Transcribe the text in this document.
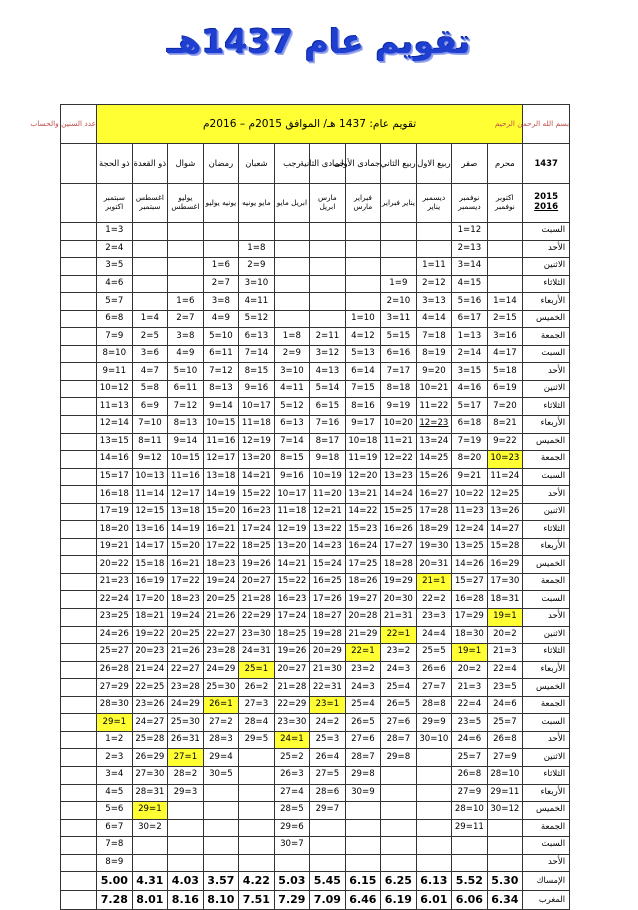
تقويم عام 1437هـ
بسم الله الرحمن الرحيم	تقويم عام: 1437 هـ/ الموافق 2015م – 2016م												عدد السنين والحساب
1437	محرم	صفر	ربيع الاول	ربيع الثاني	جمادى الأولى	جمادى الثانية	رجب	شعبان	رمضان	شوال	ذو القعدة	ذو الحجة	

2015
2016	اكتوبر نوفمبر	نوفمبر ديسمبر	ديسمبر يناير	يناير فبراير	فبراير مارس	مارس ابريل	ابريل مايو	مايو يونيه	يونيه يوليو	يوليو اغسطس	اغسطس سبتمبر	سبتمبر اكتوبر	
السبت		12=1										3=1	
الأحد		13=2						8=1				4=2	
الاثنين		14=3	11=1					9=2	6=1			5=3	
الثلاثاء		15=4	12=2	9=1				10=3	7=2			6=4	
الأربعاء	14=1	16=5	13=3	10=2				11=4	8=3	6=1		7=5	
الخميس	15=2	17=6	14=4	11=3	10=1			12=5	9=4	7=2	4=1	8=6	
الجمعة	16=3	13=1	18=7	15=5	12=4	11=2	8=1	13=6	10=5	8=3	5=2	9=7	
السبت	17=4	14=2	19=8	16=6	13=5	12=3	9=2	14=7	11=6	9=4	6=3	10=8	
الأحد	18=5	15=3	20=9	17=7	14=6	13=4	10=3	15=8	12=7	10=5	7=4	11=9	
الاثنين	19=6	16=4	21=10	18=8	15=7	14=5	11=4	16=9	13=8	11=6	8=5	12=10	
الثلاثاء	20=7	17=5	22=11	19=9	16=8	15=6	12=5	17=10	14=9	12=7	9=6	13=11	
الأربعاء	21=8	18=6	23=12	20=10	17=9	16=7	13=6	18=11	15=10	13=8	10=7	14=12	
الخميس	22=9	19=7	24=13	21=11	18=10	17=8	14=7	19=12	16=11	14=9	11=8	15=13	
الجمعة	23=10	20=8	25=14	22=12	19=11	18=9	15=8	20=13	17=12	15=10	12=9	16=14	
السبت	24=11	21=9	26=15	23=13	20=12	19=10	16=9	21=14	18=13	16=11	13=10	17=15	
الأحد	25=12	22=10	27=16	24=14	21=13	20=11	17=10	22=15	19=14	17=12	14=11	18=16	
الاثنين	26=13	23=11	28=17	25=15	22=14	21=12	18=11	23=16	20=15	18=13	15=12	19=17	
الثلاثاء	27=14	24=12	29=18	26=16	23=15	22=13	19=12	24=17	21=16	19=14	16=13	20=18	
الأربعاء	28=15	25=13	30=19	27=17	24=16	23=14	20=13	25=18	22=17	20=15	17=14	21=19	
الخميس	29=16	26=14	31=20	28=18	25=17	24=15	21=14	26=19	23=18	21=16	18=15	22=20	
الجمعة	30=17	27=15	1=21	29=19	26=18	25=16	22=15	27=20	24=19	22=17	19=16	23=21	
السبت	31=18	28=16	2=22	30=20	27=19	26=17	23=16	28=21	25=20	23=18	20=17	24=22	
الأحد	1=19	29=17	3=23	31=21	28=20	27=18	24=17	29=22	26=21	24=19	21=18	25=23	
الاثنين	2=20	30=18	4=24	1=22	29=21	28=19	25=18	30=23	27=22	25=20	22=19	26=24	
الثلاثاء	3=21	1=19	5=25	2=23	1=22	29=20	26=19	31=24	28=23	26=21	23=20	27=25	
الأربعاء	4=22	2=20	6=26	3=24	2=23	30=21	27=20	1=25	29=24	27=22	24=21	28=26	
الخميس	5=23	3=21	7=27	4=25	3=24	31=22	28=21	2=26	30=25	28=23	25=22	29=27	
الجمعة	6=24	4=22	8=28	5=26	4=25	1=23	29=22	3=27	1=26	29=24	26=23	30=28	
السبت	7=25	5=23	9=29	6=27	5=26	2=24	30=23	4=28	2=27	30=25	27=24	1=29	
الأحد	8=26	6=24	10=30	7=28	6=27	3=25	1=24	5=29	3=28	31=26	28=25	2=1	
الاثنين	9=27	7=25		8=29	7=28	4=26	2=25		4=29	1=27	29=26	3=2	
الثلاثاء	10=28	8=26			8=29	5=27	3=26		5=30	2=28	30=27	4=3	
الأربعاء	11=29	9=27			9=30	6=28	4=27			3=29	31=28	5=4	
الخميس	12=30	10=28				7=29	5=28				1=29	6=5	
الجمعة		11=29					6=29				2=30	7=6	
السبت							7=30					8=7	
الأحد												9=8	
الإمساك	5.30	5.52	6.13	6.25	6.15	5.45	5.03	4.22	3.57	4.03	4.31	5.00	
المغرب	6.34	6.06	6.01	6.19	6.46	7.09	7.29	7.51	8.10	8.16	8.01	7.28	
